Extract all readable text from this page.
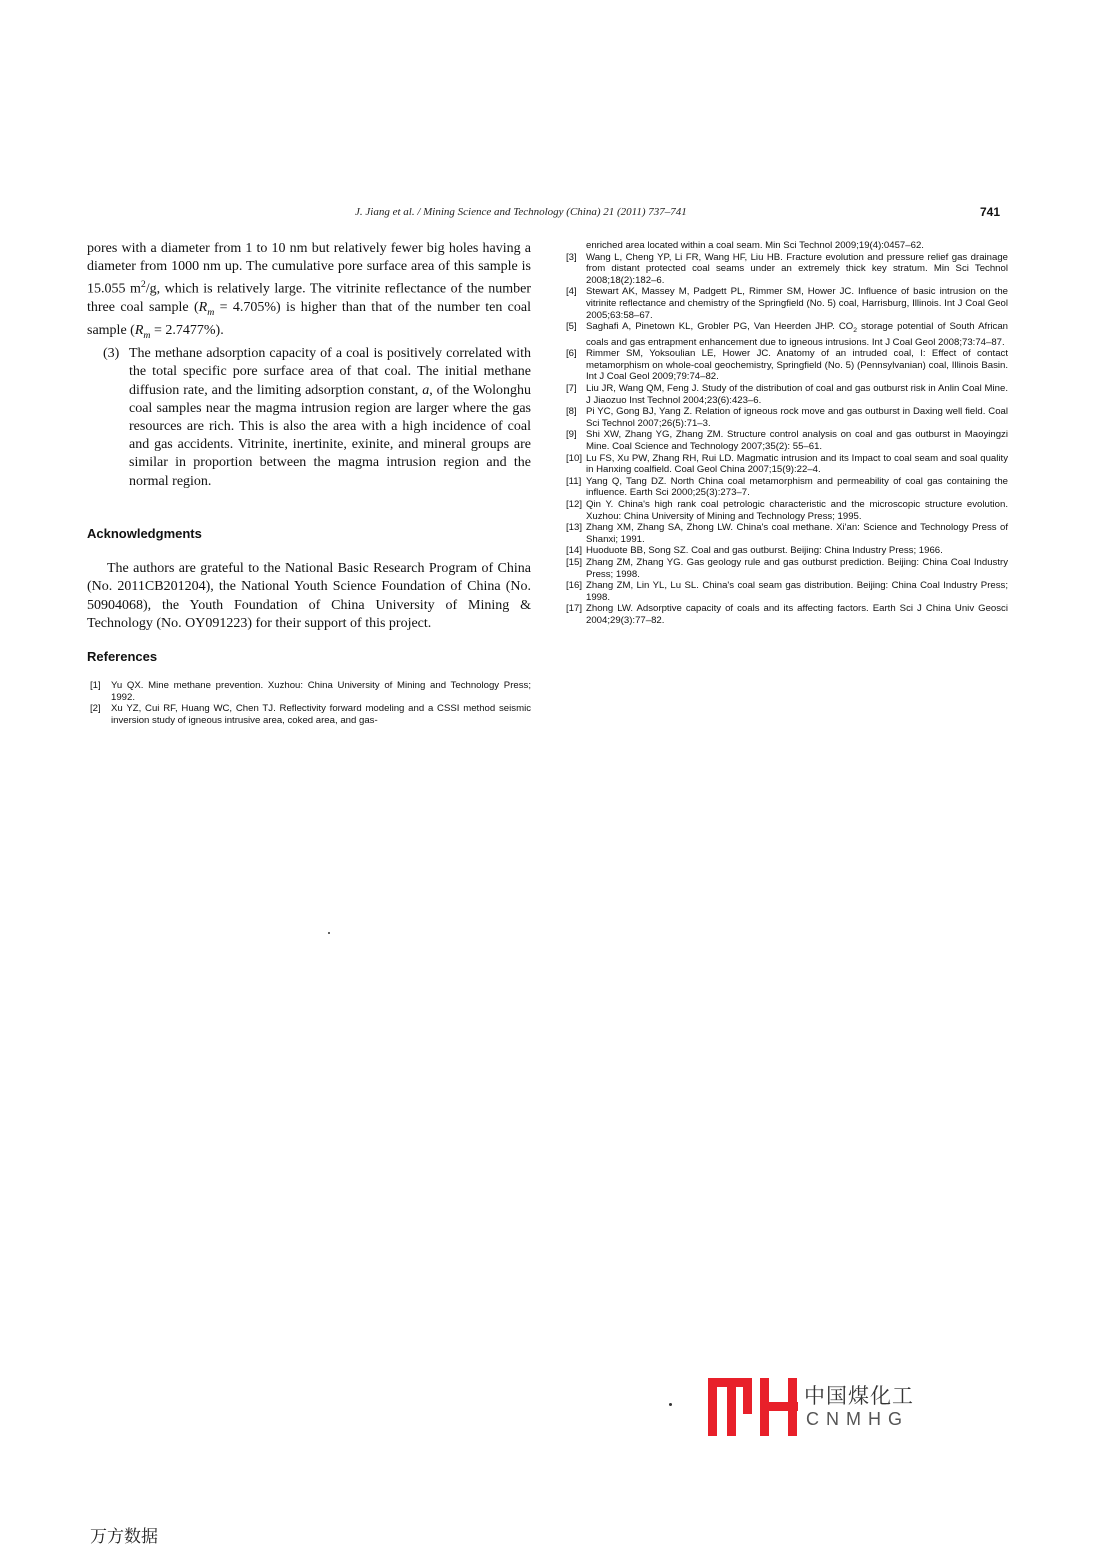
J. Jiang et al. / Mining Science and Technology (China) 21 (2011) 737–741	741

pores with a diameter from 1 to 10 nm but relatively fewer big holes having a diameter from 1000 nm up. The cumulative pore surface area of this sample is 15.055 $m^2/g$, which is relatively large. The vitrinite reflectance of the number three coal sample $(R_m = 4.705\%)$ is higher than that of the number ten coal sample $(R_m = 2.7477\%)$.

(3) The methane adsorption capacity of a coal is positively correlated with the total specific pore surface area of that coal. The initial methane diffusion rate, and the limiting adsorption constant, a, of the Wolonghu coal samples near the magma intrusion region are larger where the gas resources are rich. This is also the area with a high incidence of coal and gas accidents. Vitrinite, inertinite, exinite, and mineral groups are similar in proportion between the magma intrusion region and the normal region.
Acknowledgments

The authors are grateful to the National Basic Research Program of China (No. 2011CB201204), the National Youth Science Foundation of China (No. 50904068), the Youth Foundation of China University of Mining & Technology (No. OY091223) for their support of this project.

References
[1] Yu QX. Mine methane prevention. Xuzhou: China University of Mining and Technology Press; 1992.
[2] Xu YZ, Cui RF, Huang WC, Chen TJ. Reflectivity forward modeling and a CSSI method seismic inversion study of igneous intrusive area, coked area, and gas-
enriched area located within a coal seam. Min Sci Technol 2009;19(4):0457–62.
[3] Wang L, Cheng YP, Li FR, Wang HF, Liu HB. Fracture evolution and pressure relief gas drainage from distant protected coal seams under an extremely thick key stratum. Min Sci Technol 2008;18(2):182–6.
[4] Stewart AK, Massey M, Padgett PL, Rimmer SM, Hower JC. Influence of basic intrusion on the vitrinite reflectance and chemistry of the Springfield (No. 5) coal, Harrisburg, Illinois. Int J Coal Geol 2005;63:58–67.
[5] Saghafi A, Pinetown KL, Grobler PG, Van Heerden JHP. $CO_2$ storage potential of South African coals and gas entrapment enhancement due to igneous intrusions. Int J Coal Geol 2008;73:74–87.
[6] Rimmer SM, Yoksoulian LE, Hower JC. Anatomy of an intruded coal, I: Effect of contact metamorphism on whole-coal geochemistry, Springfield (No. 5) (Pennsylvanian) coal, Illinois Basin. Int J Coal Geol 2009;79:74–82.
[7] Liu JR, Wang QM, Feng J. Study of the distribution of coal and gas outburst risk in Anlin Coal Mine. J Jiaozuo Inst Technol 2004;23(6):423–6.
[8] Pi YC, Gong BJ, Yang Z. Relation of igneous rock move and gas outburst in Daxing well field. Coal Sci Technol 2007;26(5):71–3.
[9] Shi XW, Zhang YG, Zhang ZM. Structure control analysis on coal and gas outburst in Maoyingzi Mine. Coal Science and Technology 2007;35(2): 55–61.
[10] Lu FS, Xu PW, Zhang RH, Rui LD. Magmatic intrusion and its Impact to coal seam and soal quality in Hanxing coalfield. Coal Geol China 2007;15(9):22–4.
[11] Yang Q, Tang DZ. North China coal metamorphism and permeability of coal gas containing the influence. Earth Sci 2000;25(3):273–7.
[12] Qin Y. China's high rank coal petrologic characteristic and the microscopic structure evolution. Xuzhou: China University of Mining and Technology Press; 1995.
[13] Zhang XM, Zhang SA, Zhong LW. China's coal methane. Xi'an: Science and Technology Press of Shanxi; 1991.
[14] Huoduote BB, Song SZ. Coal and gas outburst. Beijing: China Industry Press; 1966.
[15] Zhang ZM, Zhang YG. Gas geology rule and gas outburst prediction. Beijing: China Coal Industry Press; 1998.
[16] Zhang ZM, Lin YL, Lu SL. China's coal seam gas distribution. Beijing: China Coal Industry Press; 1998.
[17] Zhong LW. Adsorptive capacity of coals and its affecting factors. Earth Sci J China Univ Geosci 2004;29(3):77–82.
中国煤化工
CNMHG
万方数据
